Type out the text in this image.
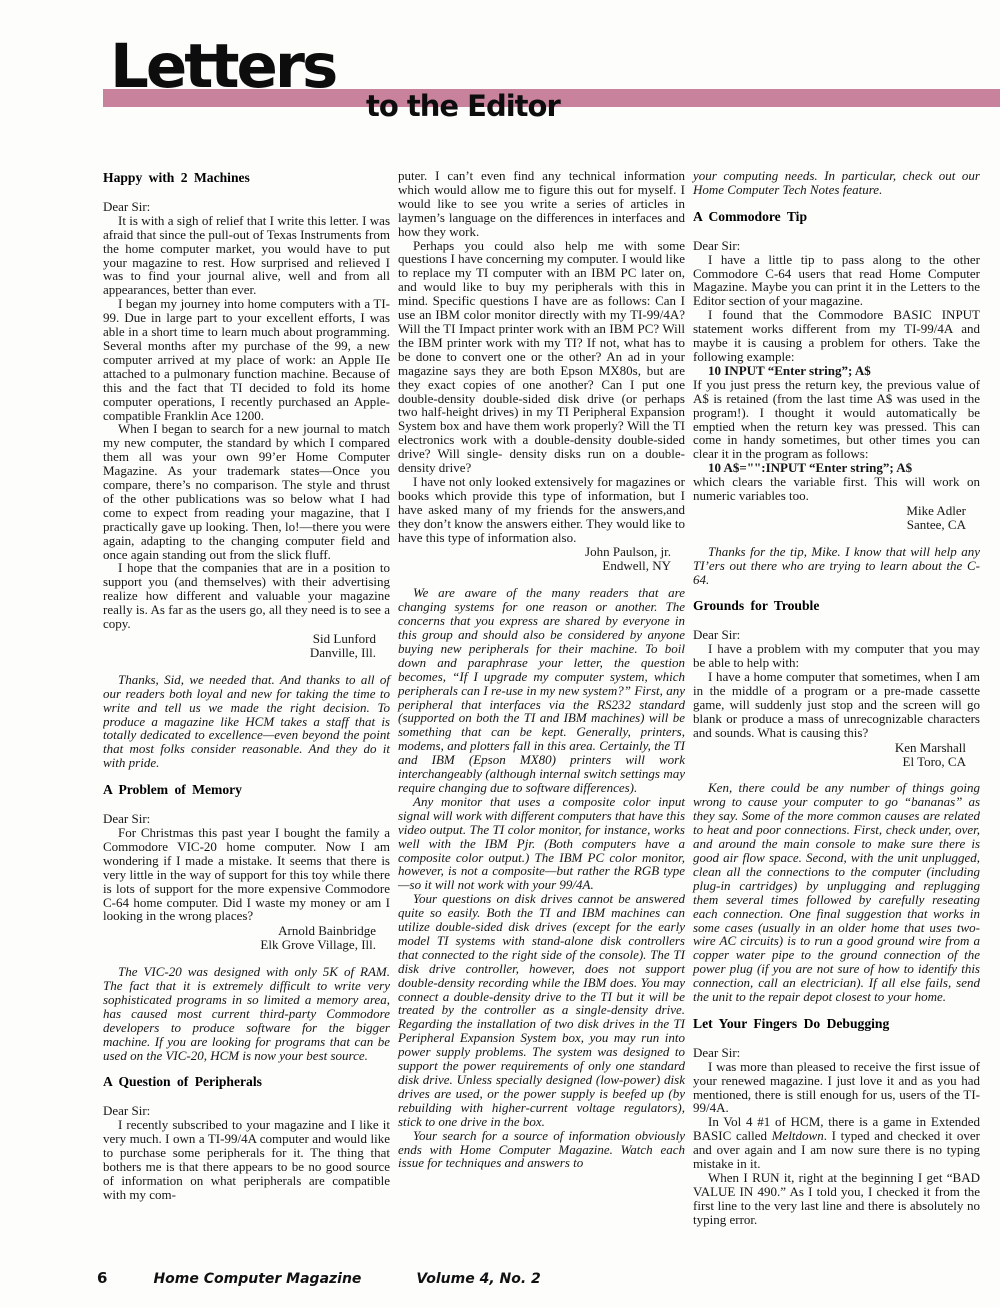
Letters
to the Editor
Happy with 2 Machines
Dear Sir:
It is with a sigh of relief that I write this letter. I was afraid that since the pull-out of Texas Instruments from the home computer market, you would have to put your magazine to rest. How surprised and relieved I was to find your journal alive, well and from all appearances, better than ever.
I began my journey into home computers with a TI-99. Due in large part to your excellent efforts, I was able in a short time to learn much about programming. Several months after my purchase of the 99, a new computer arrived at my place of work: an Apple IIe attached to a pulmonary function machine. Because of this and the fact that TI decided to fold its home computer operations, I recently purchased an Apple-compatible Franklin Ace 1200.
When I began to search for a new journal to match my new computer, the standard by which I compared them all was your own 99’er Home Computer Magazine. As your trademark states—Once you compare, there’s no comparison. The style and thrust of the other publications was so below what I had come to expect from reading your magazine, that I practically gave up looking. Then, lo!—there you were again, adapting to the changing computer field and once again standing out from the slick fluff.
I hope that the companies that are in a position to support you (and themselves) with their advertising realize how different and valuable your magazine really is. As far as the users go, all they need is to see a copy.
Sid Lunford
Danville, Ill.
Thanks, Sid, we needed that. And thanks to all of our readers both loyal and new for taking the time to write and tell us we made the right decision. To produce a magazine like HCM takes a staff that is totally dedicated to excellence—even beyond the point that most folks consider reasonable. And they do it with pride.
A Problem of Memory
Dear Sir:
For Christmas this past year I bought the family a Commodore VIC-20 home computer. Now I am wondering if I made a mistake. It seems that there is very little in the way of support for this toy while there is lots of support for the more expensive Commodore C-64 home computer. Did I waste my money or am I looking in the wrong places?
Arnold Bainbridge
Elk Grove Village, Ill.
The VIC-20 was designed with only 5K of RAM. The fact that it is extremely difficult to write very sophisticated programs in so limited a memory area, has caused most current third-party Commodore developers to produce software for the bigger machine. If you are looking for programs that can be used on the VIC-20, HCM is now your best source.
A Question of Peripherals
Dear Sir:
I recently subscribed to your magazine and I like it very much. I own a TI-99/4A computer and would like to purchase some peripherals for it. The thing that bothers me is that there appears to be no good source of information on what peripherals are compatible with my com-
puter. I can’t even find any technical information which would allow me to figure this out for myself. I would like to see you write a series of articles in laymen’s language on the differences in interfaces and how they work.
Perhaps you could also help me with some questions I have concerning my computer. I would like to replace my TI computer with an IBM PC later on, and would like to buy my peripherals with this in mind. Specific questions I have are as follows: Can I use an IBM color monitor directly with my TI-99/4A? Will the TI Impact printer work with an IBM PC? Will the IBM printer work with my TI? If not, what has to be done to convert one or the other? An ad in your magazine says they are both Epson MX80s, but are they exact copies of one another? Can I put one double-density double-sided disk drive (or perhaps two half-height drives) in my TI Peripheral Expansion System box and have them work properly? Will the TI electronics work with a double-density double-sided drive? Will single- density disks run on a double-density drive?
I have not only looked extensively for magazines or books which provide this type of information, but I have asked many of my friends for the answers,and they don’t know the answers either. They would like to have this type of information also.
John Paulson, jr.
Endwell, NY
We are aware of the many readers that are changing systems for one reason or another. The concerns that you express are shared by everyone in this group and should also be considered by anyone buying new peripherals for their machine. To boil down and paraphrase your letter, the question becomes, “If I upgrade my computer system, which peripherals can I re-use in my new system?” First, any peripheral that interfaces via the RS232 standard (supported on both the TI and IBM machines) will be something that can be kept. Generally, printers, modems, and plotters fall in this area. Certainly, the TI and IBM (Epson MX80) printers will work interchangeably (although internal switch settings may require changing due to software differences).
Any monitor that uses a composite color input signal will work with different computers that have this video output. The TI color monitor, for instance, works well with the IBM Pjr. (Both computers have a composite color output.) The IBM PC color monitor, however, is not a composite—but rather the RGB type—so it will not work with your 99/4A.
Your questions on disk drives cannot be answered quite so easily. Both the TI and IBM machines can utilize double-sided disk drives (except for the early model TI systems with stand-alone disk controllers that connected to the right side of the console). The TI disk drive controller, however, does not support double-density recording while the IBM does. You may connect a double-density drive to the TI but it will be treated by the controller as a single-density drive. Regarding the installation of two disk drives in the TI Peripheral Expansion System box, you may run into power supply problems. The system was designed to support the power requirements of only one standard disk drive. Unless specially designed (low-power) disk drives are used, or the power supply is beefed up (by rebuilding with higher-current voltage regulators), stick to one drive in the box.
Your search for a source of information obviously ends with Home Computer Magazine. Watch each issue for techniques and answers to
your computing needs. In particular, check out our Home Computer Tech Notes feature.
A Commodore Tip
Dear Sir:
I have a little tip to pass along to the other Commodore C-64 users that read Home Computer Magazine. Maybe you can print it in the Letters to the Editor section of your magazine.
I found that the Commodore BASIC INPUT statement works different from my TI-99/4A and maybe it is causing a problem for others. Take the following example:
10 INPUT “Enter string”; A$
If you just press the return key, the previous value of A$ is retained (from the last time A$ was used in the program!). I thought it would automatically be emptied when the return key was pressed. This can come in handy sometimes, but other times you can clear it in the program as follows:
10 A$="":INPUT “Enter string”; A$
which clears the variable first. This will work on numeric variables too.
Mike Adler
Santee, CA
Thanks for the tip, Mike. I know that will help any TI’ers out there who are trying to learn about the C-64.
Grounds for Trouble
Dear Sir:
I have a problem with my computer that you may be able to help with:
I have a home computer that sometimes, when I am in the middle of a program or a pre-made cassette game, will suddenly just stop and the screen will go blank or produce a mass of unrecognizable characters and sounds. What is causing this?
Ken Marshall
El Toro, CA
Ken, there could be any number of things going wrong to cause your computer to go “bananas” as they say. Some of the more common causes are related to heat and poor connections. First, check under, over, and around the main console to make sure there is good air flow space. Second, with the unit unplugged, clean all the connections to the computer (including plug-in cartridges) by unplugging and replugging them several times followed by carefully reseating each connection. One final suggestion that works in some cases (usually in an older home that uses two-wire AC circuits) is to run a good ground wire from a copper water pipe to the ground connection of the power plug (if you are not sure of how to identify this connection, call an electrician). If all else fails, send the unit to the repair depot closest to your home.
Let Your Fingers Do Debugging
Dear Sir:
I was more than pleased to receive the first issue of your renewed magazine. I just love it and as you had mentioned, there is still enough for us, users of the TI-99/4A.
In Vol 4 #1 of HCM, there is a game in Extended BASIC called Meltdown. I typed and checked it over and over again and I am now sure there is no typing mistake in it.
When I RUN it, right at the beginning I get “BAD VALUE IN 490.” As I told you, I checked it from the first line to the very last line and there is absolutely no typing error.
6	Home Computer Magazine	Volume 4, No. 2
